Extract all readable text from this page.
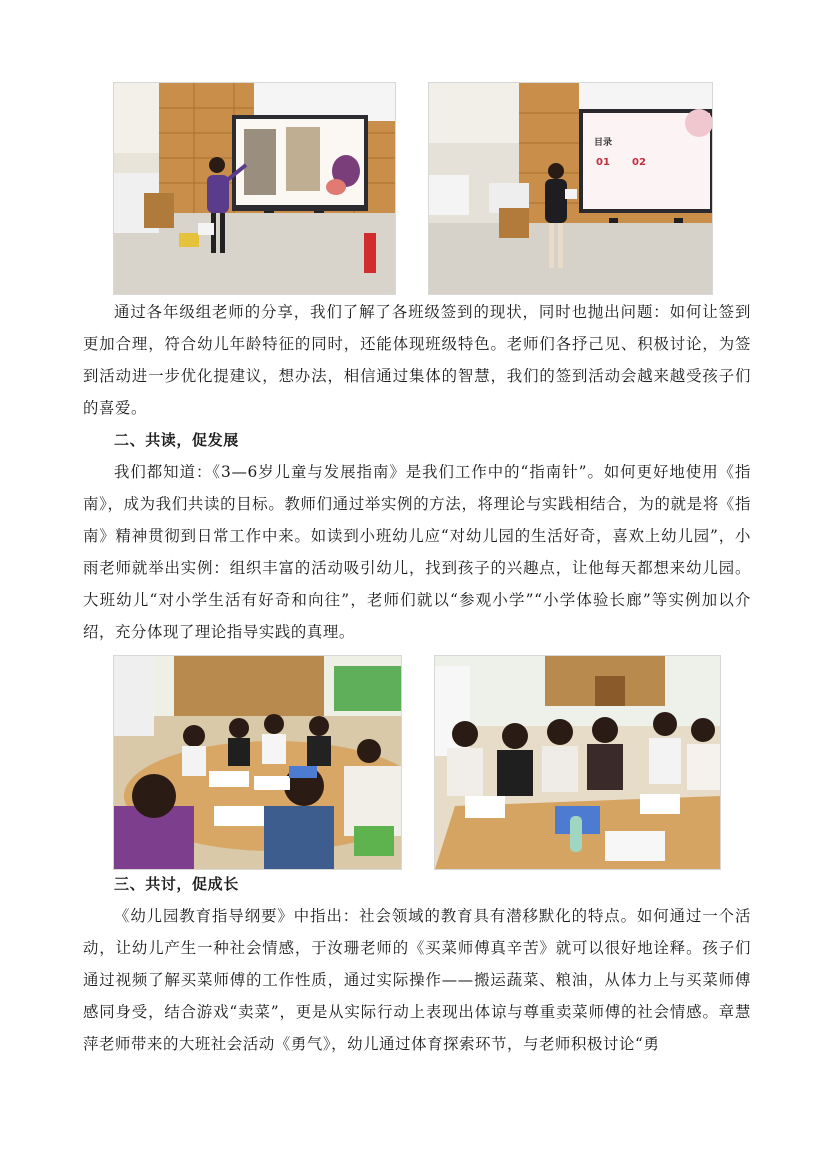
目录
01 02

通过各年级组老师的分享，我们了解了各班级签到的现状，同时也抛出问题：如何让签到更加合理，符合幼儿年龄特征的同时，还能体现班级特色。老师们各抒己见、积极讨论，为签到活动进一步优化提建议，想办法，相信通过集体的智慧，我们的签到活动会越来越受孩子们的喜爱。

二、共读，促发展

我们都知道：《3—6岁儿童与发展指南》是我们工作中的“指南针”。如何更好地使用《指南》，成为我们共读的目标。教师们通过举实例的方法，将理论与实践相结合，为的就是将《指南》精神贯彻到日常工作中来。如读到小班幼儿应“对幼儿园的生活好奇，喜欢上幼儿园”，小雨老师就举出实例：组织丰富的活动吸引幼儿，找到孩子的兴趣点，让他每天都想来幼儿园。大班幼儿“对小学生活有好奇和向往”，老师们就以“参观小学”“小学体验长廊”等实例加以介绍，充分体现了理论指导实践的真理。

三、共讨，促成长

《幼儿园教育指导纲要》中指出：社会领域的教育具有潜移默化的特点。如何通过一个活动，让幼儿产生一种社会情感，于汝珊老师的《买菜师傅真辛苦》就可以很好地诠释。孩子们通过视频了解买菜师傅的工作性质，通过实际操作——搬运蔬菜、粮油，从体力上与买菜师傅感同身受，结合游戏“卖菜”，更是从实际行动上表现出体谅与尊重卖菜师傅的社会情感。章慧萍老师带来的大班社会活动《勇气》，幼儿通过体育探索环节，与老师积极讨论“勇
